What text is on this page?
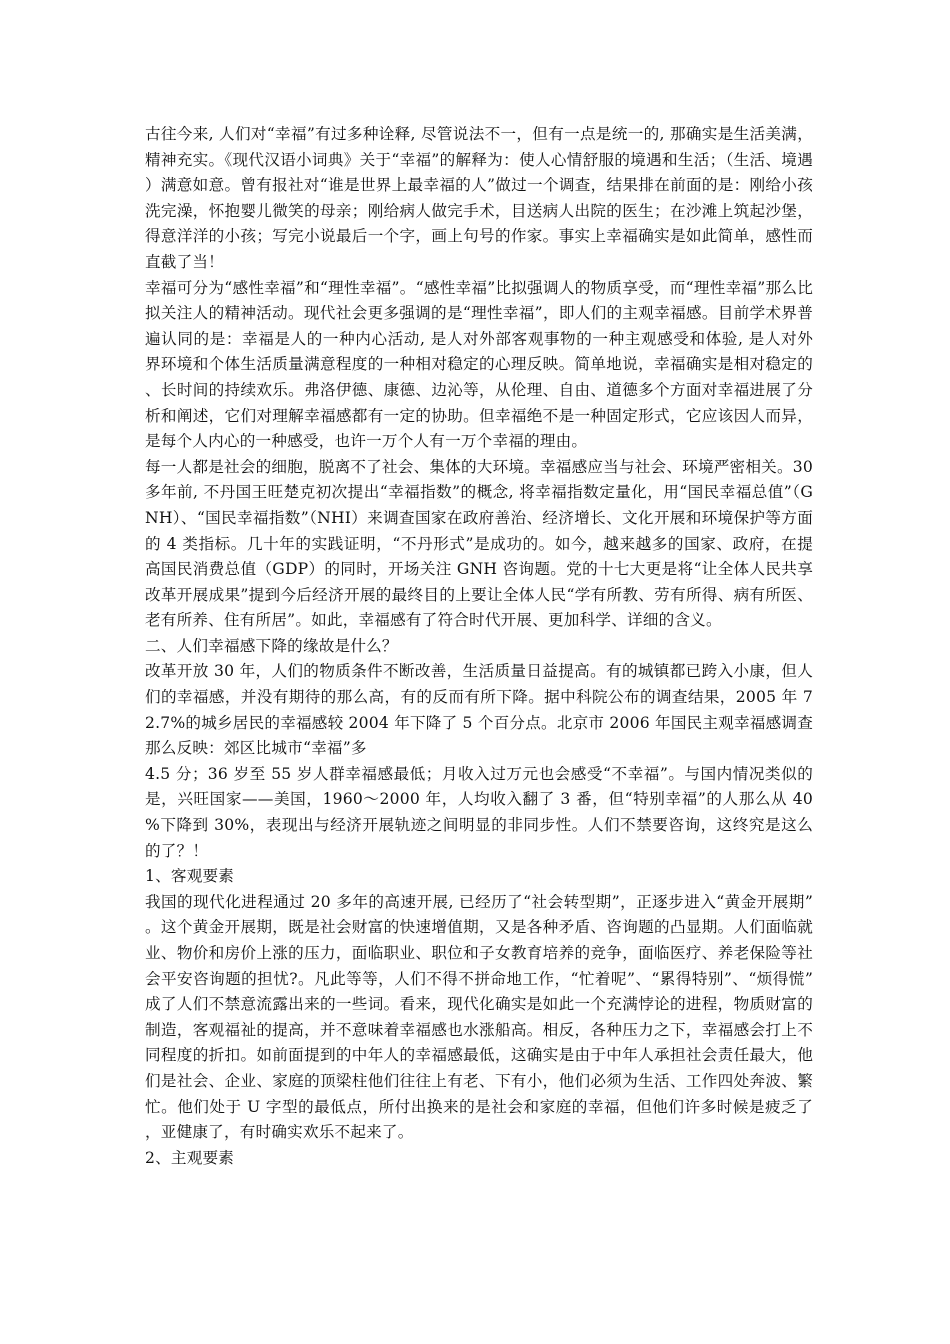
古往今来, 人们对“幸福”有过多种诠释, 尽管说法不一，但有一点是统一的, 那确实是生活美满，精神充实。《现代汉语小词典》关于“幸福”的解释为：使人心情舒服的境遇和生活；（生活、境遇）满意如意。曾有报社对“谁是世界上最幸福的人”做过一个调查，结果排在前面的是：刚给小孩洗完澡，怀抱婴儿微笑的母亲；刚给病人做完手术，目送病人出院的医生；在沙滩上筑起沙堡，得意洋洋的小孩；写完小说最后一个字，画上句号的作家。事实上幸福确实是如此简单，感性而直截了当！

幸福可分为“感性幸福”和“理性幸福”。“感性幸福”比拟强调人的物质享受，而“理性幸福”那么比拟关注人的精神活动。现代社会更多强调的是“理性幸福”，即人们的主观幸福感。目前学术界普遍认同的是：幸福是人的一种内心活动, 是人对外部客观事物的一种主观感受和体验, 是人对外界环境和个体生活质量满意程度的一种相对稳定的心理反映。简单地说，幸福确实是相对稳定的、长时间的持续欢乐。弗洛伊德、康德、边沁等，从伦理、自由、道德多个方面对幸福进展了分析和阐述，它们对理解幸福感都有一定的协助。但幸福绝不是一种固定形式，它应该因人而异，是每个人内心的一种感受，也许一万个人有一万个幸福的理由。

每一人都是社会的细胞，脱离不了社会、集体的大环境。幸福感应当与社会、环境严密相关。30 多年前, 不丹国王旺楚克初次提出“幸福指数”的概念, 将幸福指数定量化，用“国民幸福总值”（GNH）、“国民幸福指数”（NHI）来调查国家在政府善治、经济增长、文化开展和环境保护等方面的 4 类指标。几十年的实践证明，“不丹形式”是成功的。如今，越来越多的国家、政府，在提高国民消费总值（GDP）的同时，开场关注 GNH 咨询题。党的十七大更是将“让全体人民共享改革开展成果”提到今后经济开展的最终目的上要让全体人民“学有所教、劳有所得、病有所医、老有所养、住有所居”。如此，幸福感有了符合时代开展、更加科学、详细的含义。

二、人们幸福感下降的缘故是什么？

改革开放 30 年，人们的物质条件不断改善，生活质量日益提高。有的城镇都已跨入小康，但人们的幸福感，并没有期待的那么高，有的反而有所下降。据中科院公布的调查结果，2005 年 72.7%的城乡居民的幸福感较 2004 年下降了 5 个百分点。北京市 2006 年国民主观幸福感调查那么反映：郊区比城市“幸福”多

4.5 分；36 岁至 55 岁人群幸福感最低；月收入过万元也会感受“不幸福”。与国内情况类似的是，兴旺国家——美国，1960～2000 年，人均收入翻了 3 番，但“特别幸福”的人那么从 40%下降到 30%，表现出与经济开展轨迹之间明显的非同步性。人们不禁要咨询，这终究是这么的了？！

1、客观要素

我国的现代化进程通过 20 多年的高速开展, 已经历了“社会转型期”，正逐步进入“黄金开展期”。这个黄金开展期，既是社会财富的快速增值期，又是各种矛盾、咨询题的凸显期。人们面临就业、物价和房价上涨的压力，面临职业、职位和子女教育培养的竞争，面临医疗、养老保险等社会平安咨询题的担忧?。凡此等等，人们不得不拼命地工作，“忙着呢”、“累得特别”、“烦得慌”成了人们不禁意流露出来的一些词。看来，现代化确实是如此一个充满悖论的进程，物质财富的制造，客观福祉的提高，并不意味着幸福感也水涨船高。相反，各种压力之下，幸福感会打上不同程度的折扣。如前面提到的中年人的幸福感最低，这确实是由于中年人承担社会责任最大，他们是社会、企业、家庭的顶梁柱他们往往上有老、下有小，他们必须为生活、工作四处奔波、繁忙。他们处于 U 字型的最低点，所付出换来的是社会和家庭的幸福，但他们许多时候是疲乏了，亚健康了，有时确实欢乐不起来了。

2、主观要素
